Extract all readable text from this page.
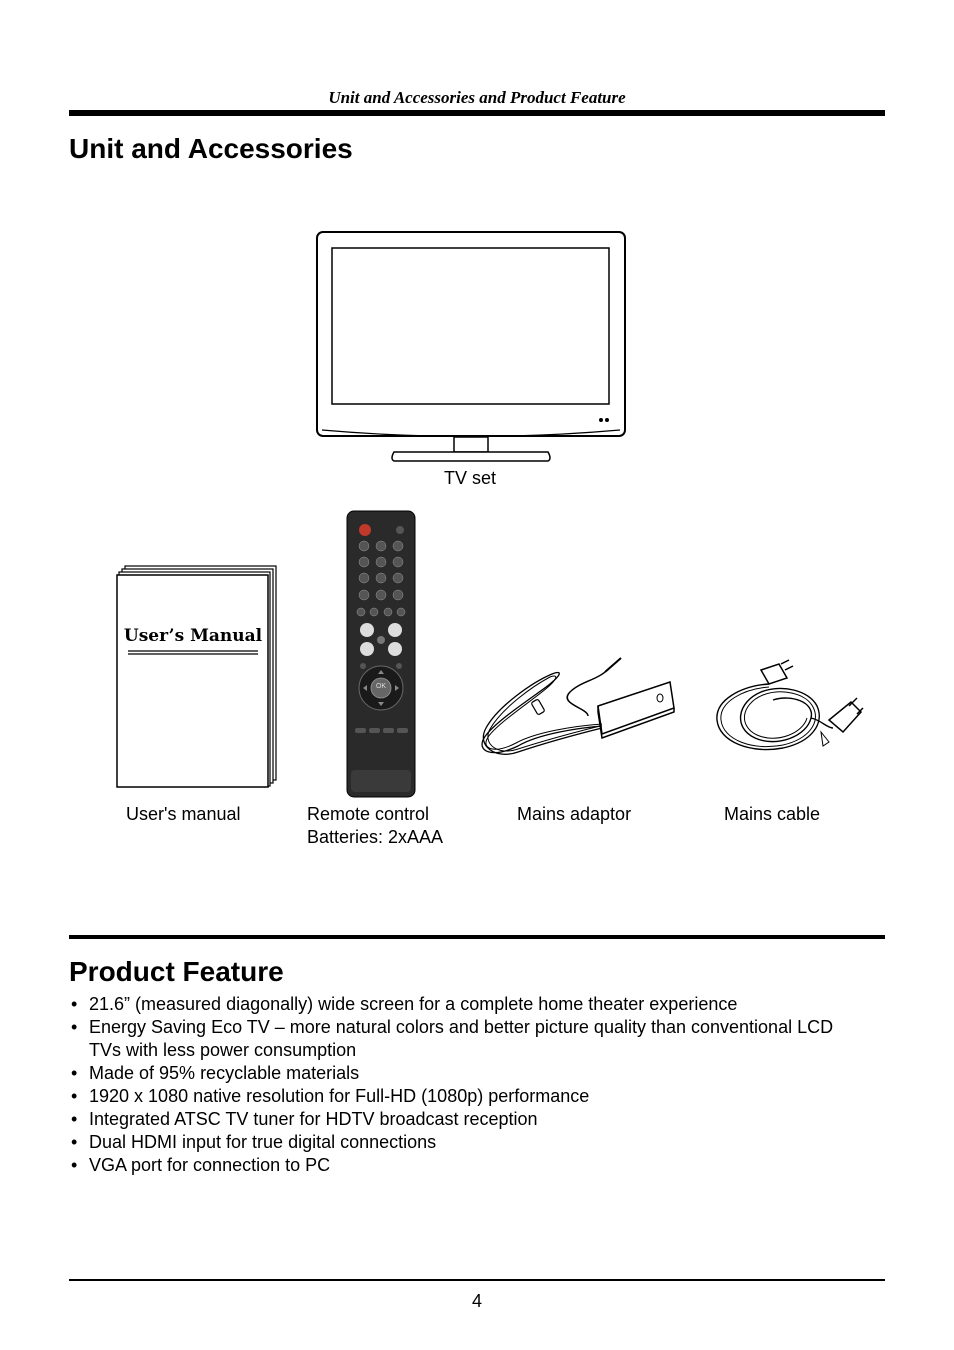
Unit and Accessories and Product Feature
Unit and Accessories
TV set
User’s Manual
User's manual
OK
Remote control
Batteries: 2xAAA
Mains adaptor	Mains cable
Product Feature
• 21.6” (measured diagonally) wide screen for a complete home theater experience
• Energy Saving Eco TV – more natural colors and better picture quality than conventional LCD TVs with less power consumption
• Made of 95% recyclable materials
• 1920 x 1080 native resolution for Full-HD (1080p) performance
• Integrated ATSC TV tuner for HDTV broadcast reception
• Dual HDMI input for true digital connections
• VGA port for connection to PC
4
